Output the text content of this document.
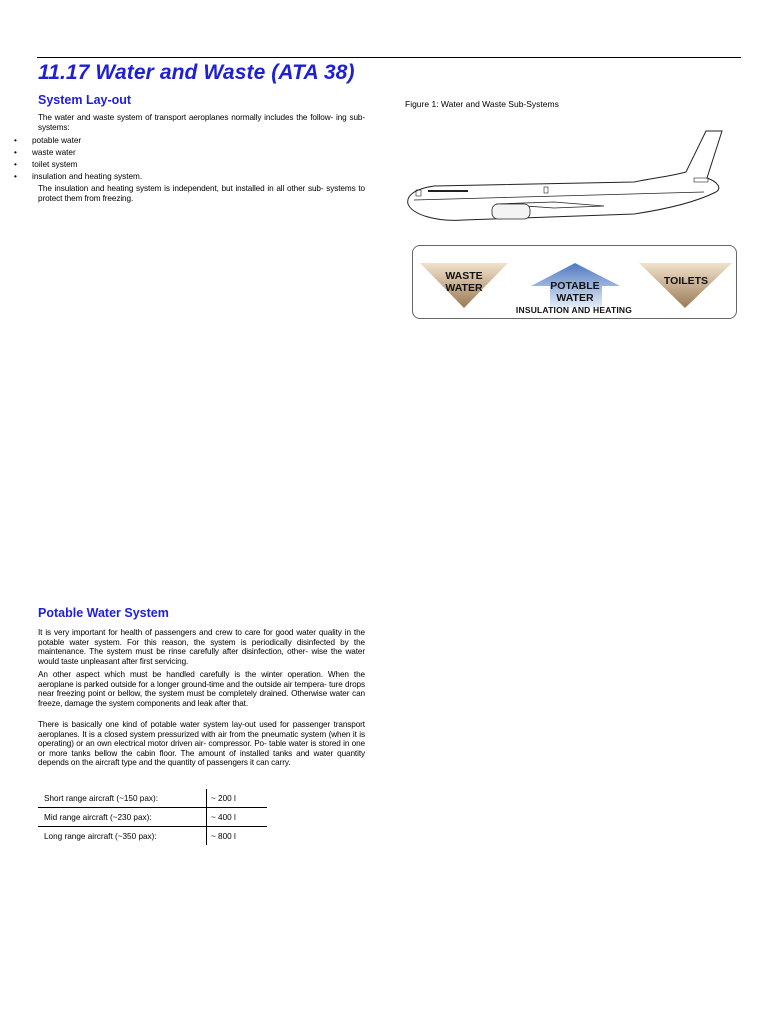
11.17 Water and Waste (ATA 38)
System Lay-out

The water and waste system of transport aeroplanes normally includes the follow- ing sub-systems:

• potable water
• waste water
• toilet system
• insulation and heating system.

The insulation and heating system is independent, but installed in all other sub- systems to protect them from freezing.

Figure 1: Water and Waste Sub-Systems

WASTE
WATER	POTABLE
WATER
TOILETS
INSULATION AND HEATING
Potable Water System

It is very important for health of passengers and crew to care for good water quality in the potable water system. For this reason, the system is periodically disinfected by the maintenance. The system must be rinse carefully after disinfection, other- wise the water would taste unpleasant after first servicing.

An other aspect which must be handled carefully is the winter operation. When the aeroplane is parked outside for a longer ground-time and the outside air tempera- ture drops near freezing point or bellow, the system must be completely drained. Otherwise water can freeze, damage the system components and leak after that.

There is basically one kind of potable water system lay-out used for passenger transport aeroplanes. It is a closed system pressurized with air from the pneumatic system (when it is operating) or an own electrical motor driven air- compressor. Po- table water is stored in one or more tanks bellow the cabin floor. The amount of installed tanks and water quantity depends on the aircraft type and the quantity of passengers it can carry.

Short range aircraft (~150 pax):	~ 200 l
Mid range aircraft (~230 pax):	~ 400 l
Long range aircraft (~350 pax):	~ 800 l
